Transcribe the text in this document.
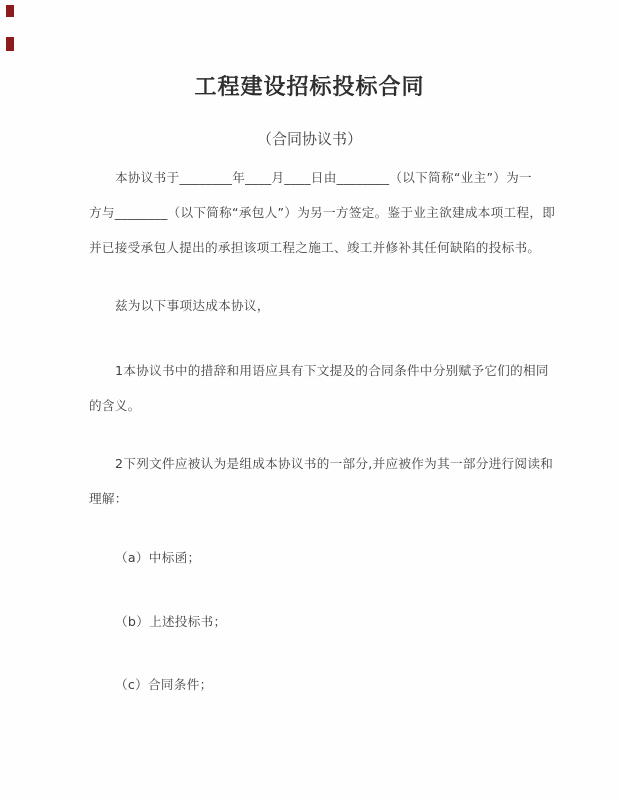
工程建设招标投标合同
（合同协议书）
本协议书于________年____月____日由________（以下简称“业主”）为一
方与________（以下简称“承包人”）为另一方签定。鉴于业主欲建成本项工程，即
并已接受承包人提出的承担该项工程之施工、竣工并修补其任何缺陷的投标书。
兹为以下事项达成本协议，
1本协议书中的措辞和用语应具有下文提及的合同条件中分别赋予它们的相同
的含义。
2下列文件应被认为是组成本协议书的一部分,并应被作为其一部分进行阅读和
理解：
（a）中标函；
（b）上述投标书；
（c）合同条件；
